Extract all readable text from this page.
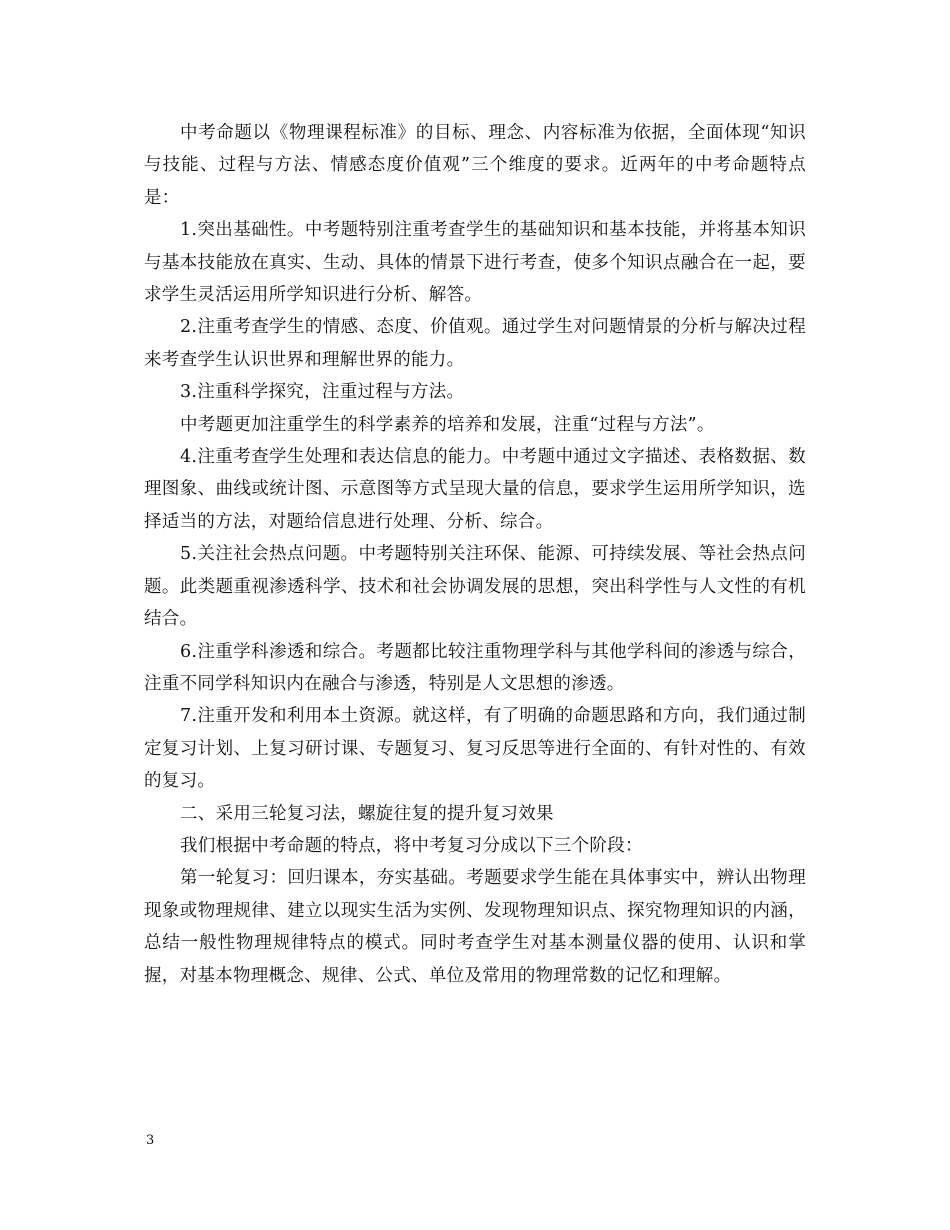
中考命题以《物理课程标准》的目标、理念、内容标准为依据，全面体现“知识与技能、过程与方法、情感态度价值观”三个维度的要求。近两年的中考命题特点是：

1.突出基础性。中考题特别注重考查学生的基础知识和基本技能，并将基本知识与基本技能放在真实、生动、具体的情景下进行考查，使多个知识点融合在一起，要求学生灵活运用所学知识进行分析、解答。

2.注重考查学生的情感、态度、价值观。通过学生对问题情景的分析与解决过程来考查学生认识世界和理解世界的能力。

3.注重科学探究，注重过程与方法。

中考题更加注重学生的科学素养的培养和发展，注重“过程与方法”。

4.注重考查学生处理和表达信息的能力。中考题中通过文字描述、表格数据、数理图象、曲线或统计图、示意图等方式呈现大量的信息，要求学生运用所学知识，选择适当的方法，对题给信息进行处理、分析、综合。

5.关注社会热点问题。中考题特别关注环保、能源、可持续发展、等社会热点问题。此类题重视渗透科学、技术和社会协调发展的思想，突出科学性与人文性的有机结合。

6.注重学科渗透和综合。考题都比较注重物理学科与其他学科间的渗透与综合，注重不同学科知识内在融合与渗透，特别是人文思想的渗透。

7.注重开发和利用本土资源。就这样，有了明确的命题思路和方向，我们通过制定复习计划、上复习研讨课、专题复习、复习反思等进行全面的、有针对性的、有效的复习。

二、采用三轮复习法，螺旋往复的提升复习效果

我们根据中考命题的特点，将中考复习分成以下三个阶段：

第一轮复习：回归课本，夯实基础。考题要求学生能在具体事实中，辨认出物理现象或物理规律、建立以现实生活为实例、发现物理知识点、探究物理知识的内涵，总结一般性物理规律特点的模式。同时考查学生对基本测量仪器的使用、认识和掌握，对基本物理概念、规律、公式、单位及常用的物理常数的记忆和理解。

3
